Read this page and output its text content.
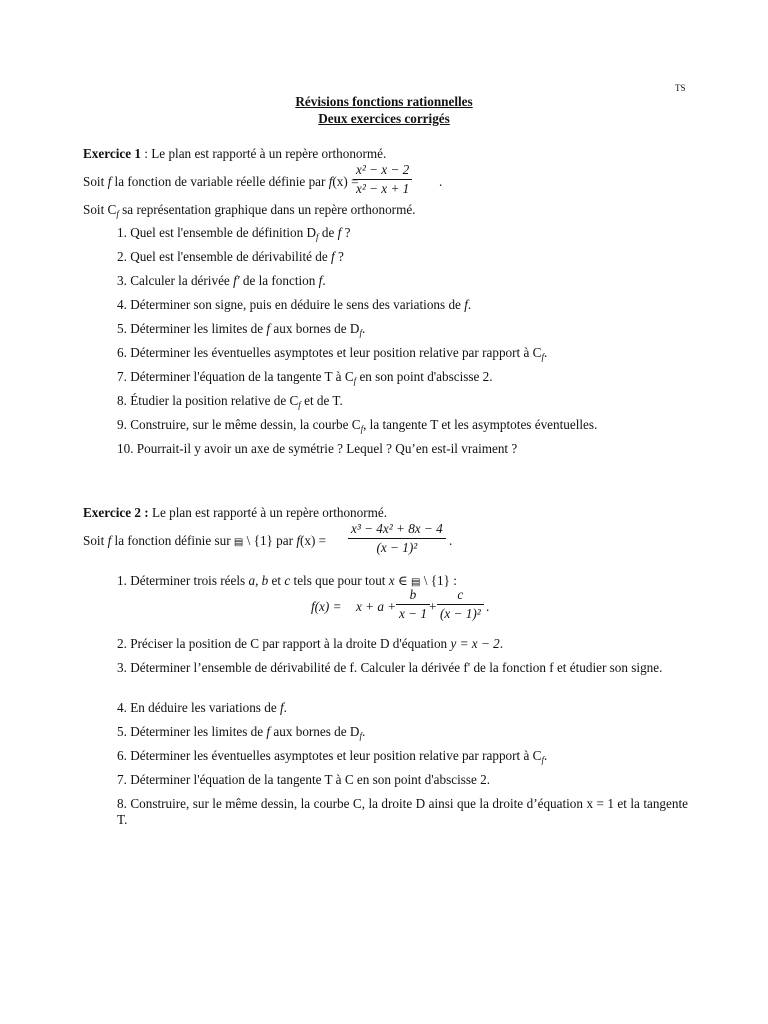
TS
Révisions fonctions rationnelles
Deux exercices corrigés
Exercice 1 : Le plan est rapporté à un repère orthonormé.
Soit f la fonction de variable réelle définie par f(x) =
$\frac{\text{x² − x − 2}}{\text{x² − x + 1}}$ .
Soit $C_f$ sa représentation graphique dans un repère orthonormé.
1. Quel est l'ensemble de définition $D_f$ de f ?
2. Quel est l'ensemble de dérivabilité de f ?
3. Calculer la dérivée f' de la fonction f.
4. Déterminer son signe, puis en déduire le sens des variations de f.
5. Déterminer les limites de f aux bornes de $D_f$.
6. Déterminer les éventuelles asymptotes et leur position relative par rapport à $C_f$.
7. Déterminer l'équation de la tangente T à $C_f$ en son point d'abscisse 2.
8. Étudier la position relative de $C_f$ et de T.
9. Construire, sur le même dessin, la courbe $C_f$, la tangente T et les asymptotes éventuelles.
10. Pourrait-il y avoir un axe de symétrie ? Lequel ? Qu’en est-il vraiment ?
Exercice 2 : Le plan est rapporté à un repère orthonormé.
Soit f la fonction définie sur ▤ \ {1} par $f(x) = \frac{\text{x³ − 4x² + 8x − 4}}{\text{(x − 1)²}}$ .
1. Déterminer trois réels a, b et c tels que pour tout x ∈ ▤ \ {1} :
$f(x) = x + a + \frac{b}{x - 1} + \frac{c}{\text{(x − 1)²}}$ .
2. Préciser la position de C par rapport à la droite D d'équation y = x − 2.
3. Déterminer l’ensemble de dérivabilité de f. Calculer la dérivée f' de la fonction f et étudier son signe.
4. En déduire les variations de f.
5. Déterminer les limites de f aux bornes de $D_f$.
6. Déterminer les éventuelles asymptotes et leur position relative par rapport à $C_f$.
7. Déterminer l'équation de la tangente T à C en son point d'abscisse 2.
8. Construire, sur le même dessin, la courbe C, la droite D ainsi que la droite d’équation x = 1 et la tangente T.
